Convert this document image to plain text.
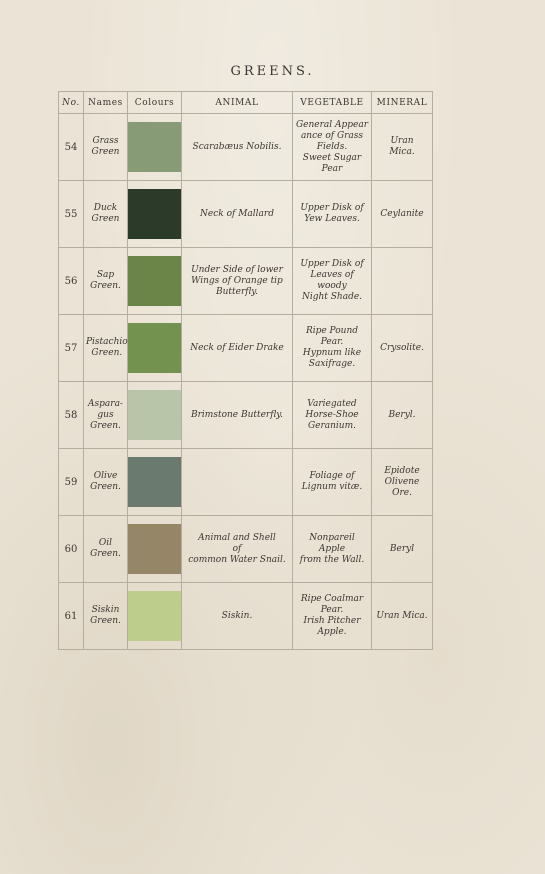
GREENS.
No.	Names	Colours	ANIMAL	VEGETABLE	MINERAL
54	Grass
Green		Scarabæus Nobilis.	General Appear
ance of Grass
Fields.
Sweet Sugar Pear	Uran
Mica.
55	Duck
Green		Neck of Mallard	Upper Disk of
Yew Leaves.	Ceylanite
56	Sap
Green.		Under Side of lower
Wings of Orange tip
Butterfly.	Upper Disk of
Leaves of woody
Night Shade.	
57	Pistachio
Green.		Neck of Eider Drake	Ripe Pound
Pear.
Hypnum like
Saxifrage.	Crysolite.
58	Aspara-
gus
Green.		Brimstone Butterfly.	Variegated
Horse-Shoe
Geranium.	Beryl.
59	Olive
Green.			Foliage of
Lignum vitæ.	Epidote
Olivene Ore.
60	Oil
Green.		Animal and Shell
of
common Water Snail.	Nonpareil Apple
from the Wall.	Beryl
61	Siskin
Green.		Siskin.	Ripe Coalmar
Pear.
Irish Pitcher
Apple.	Uran Mica.
